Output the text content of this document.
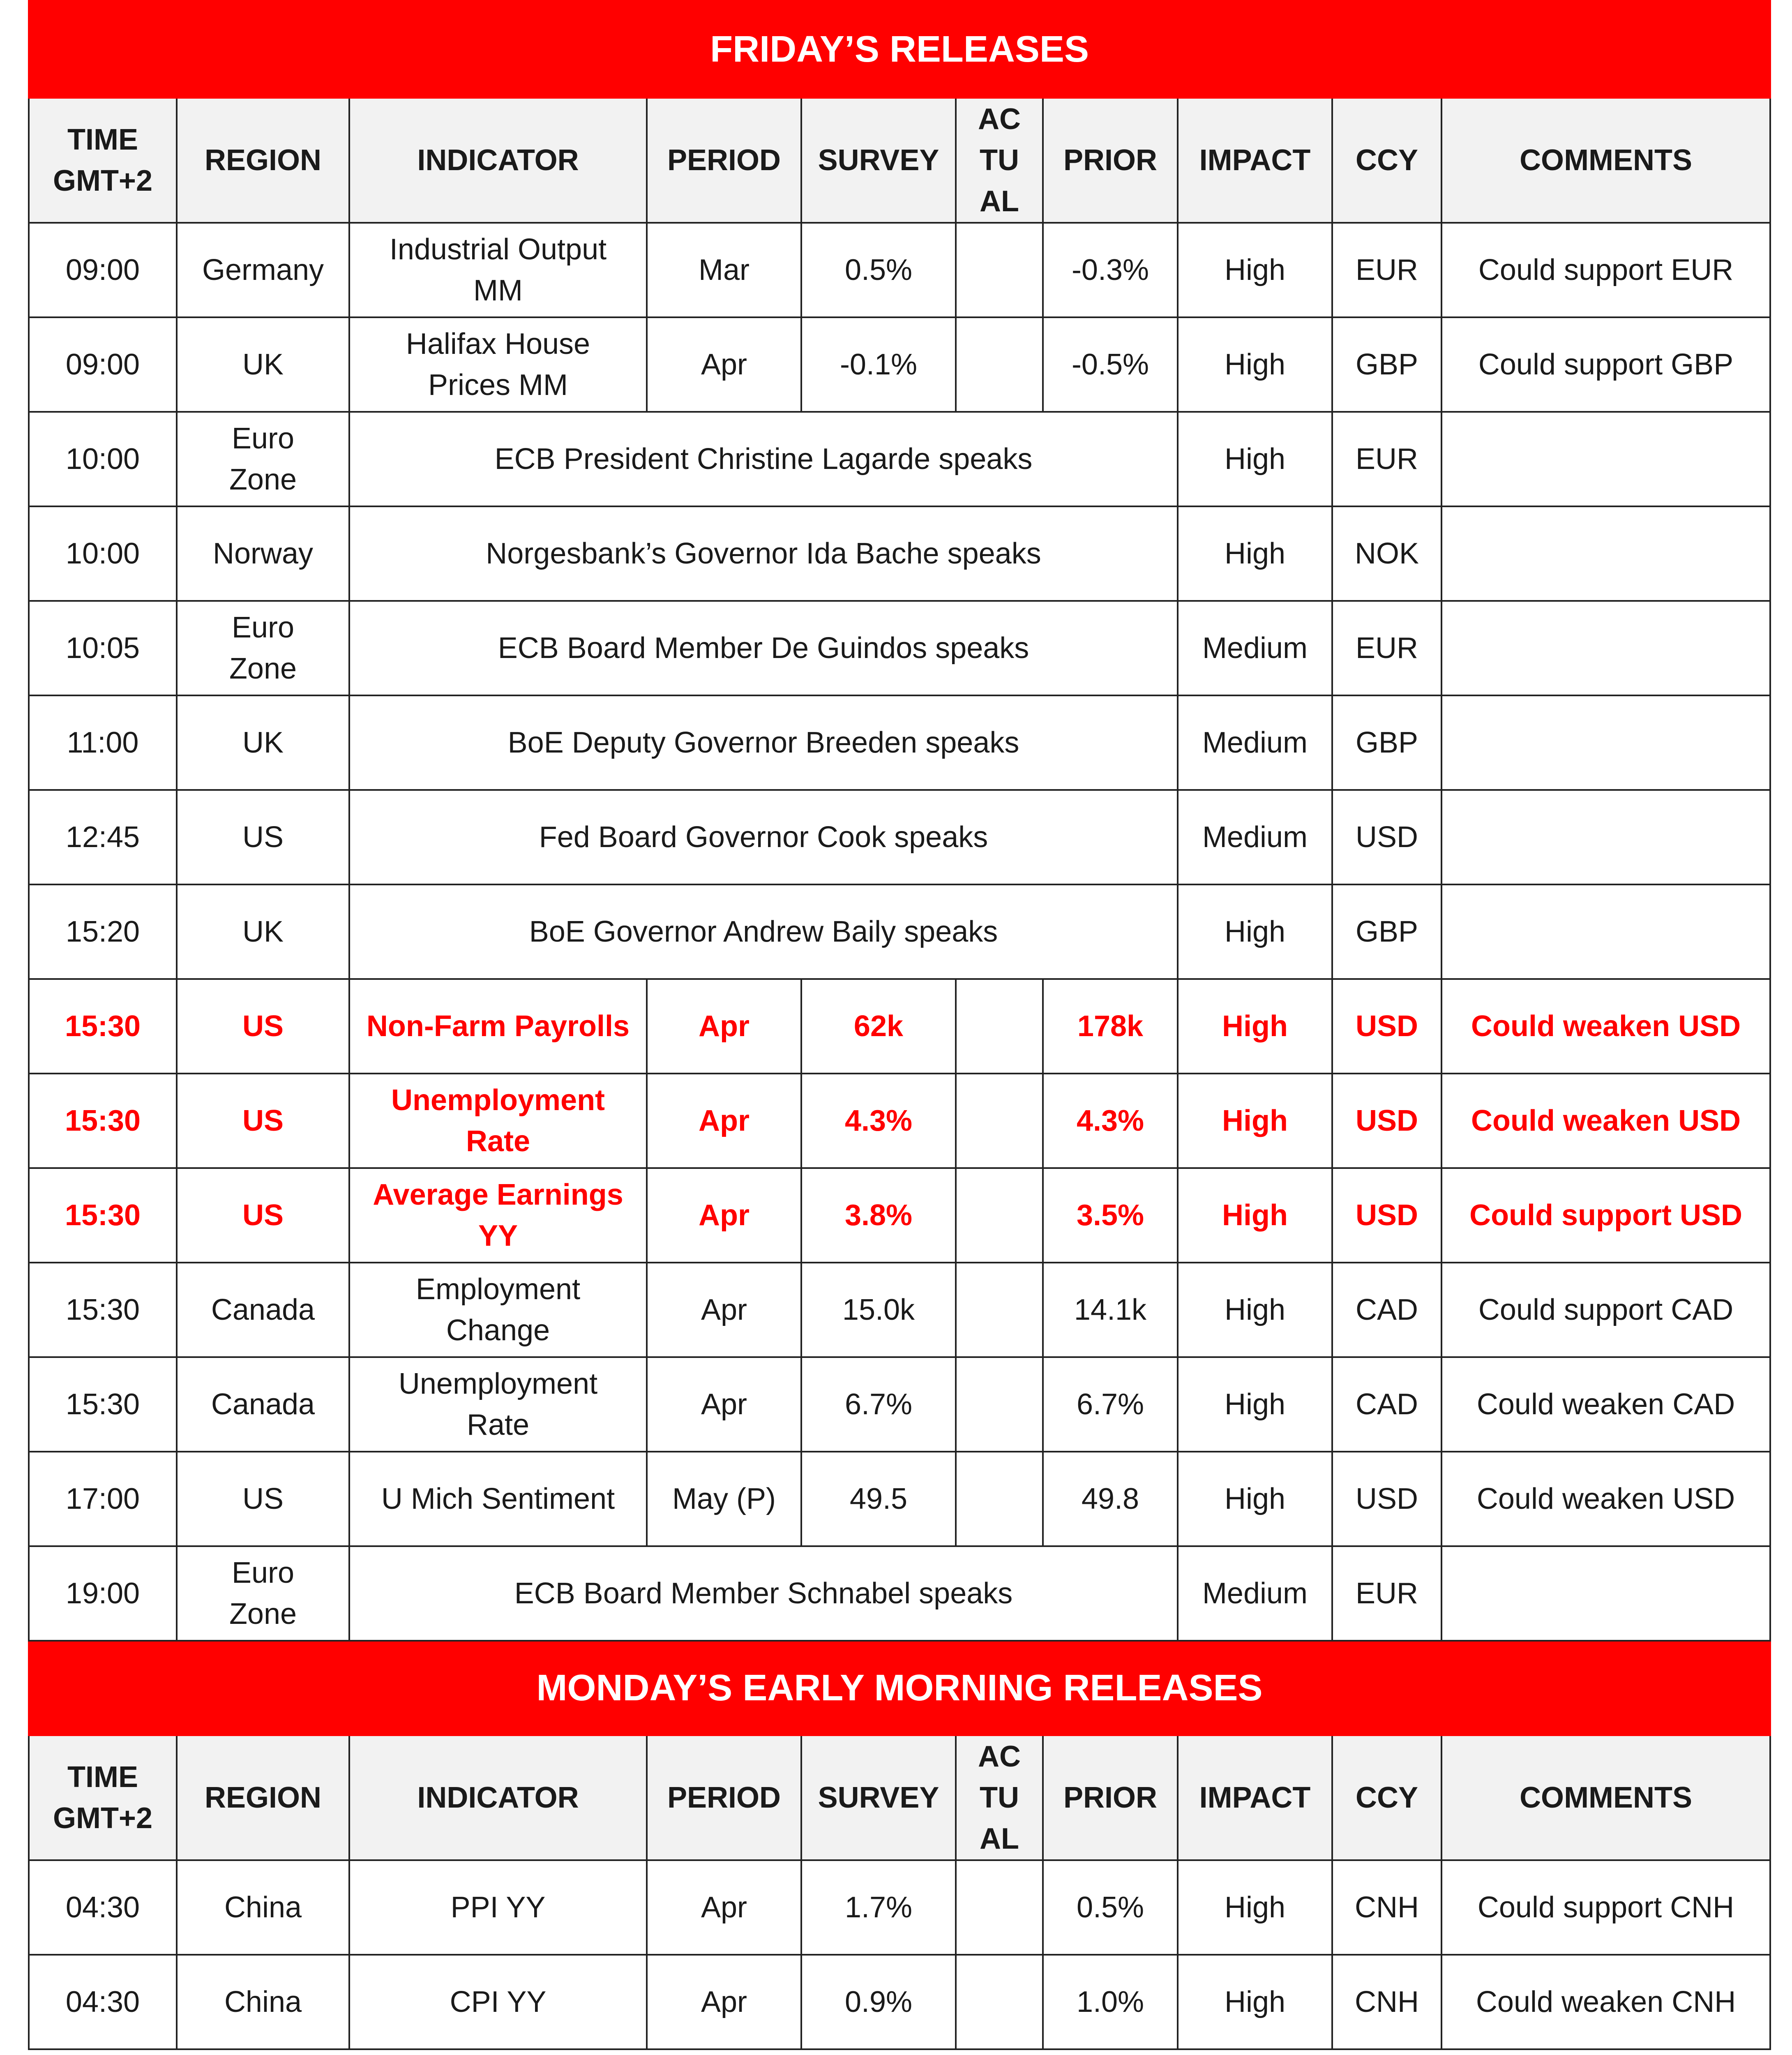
FRIDAY’S RELEASES									
TIME
GMT+2	REGION	INDICATOR	PERIOD	SURVEY	AC
TU
AL	PRIOR	IMPACT	CCY	COMMENTS
09:00	Germany	Industrial Output
MM	Mar	0.5%		-0.3%	High	EUR	Could support EUR
09:00	UK	Halifax House
Prices MM	Apr	-0.1%		-0.5%	High	GBP	Could support GBP
10:00	Euro
Zone	ECB President Christine Lagarde speaks					High	EUR	
10:00	Norway	Norgesbank’s Governor Ida Bache speaks					High	NOK	
10:05	Euro
Zone	ECB Board Member De Guindos speaks					Medium	EUR	
11:00	UK	BoE Deputy Governor Breeden speaks					Medium	GBP	
12:45	US	Fed Board Governor Cook speaks					Medium	USD	
15:20	UK	BoE Governor Andrew Baily speaks					High	GBP	
15:30	US	Non-Farm Payrolls	Apr	62k		178k	High	USD	Could weaken USD
15:30	US	Unemployment
Rate	Apr	4.3%		4.3%	High	USD	Could weaken USD
15:30	US	Average Earnings
YY	Apr	3.8%		3.5%	High	USD	Could support USD
15:30	Canada	Employment
Change	Apr	15.0k		14.1k	High	CAD	Could support CAD
15:30	Canada	Unemployment
Rate	Apr	6.7%		6.7%	High	CAD	Could weaken CAD
17:00	US	U Mich Sentiment	May (P)	49.5		49.8	High	USD	Could weaken USD
19:00	Euro
Zone	ECB Board Member Schnabel speaks					Medium	EUR	
MONDAY’S EARLY MORNING RELEASES									
TIME
GMT+2	REGION	INDICATOR	PERIOD	SURVEY	AC
TU
AL	PRIOR	IMPACT	CCY	COMMENTS
04:30	China	PPI YY	Apr	1.7%		0.5%	High	CNH	Could support CNH
04:30	China	CPI YY	Apr	0.9%		1.0%	High	CNH	Could weaken CNH
